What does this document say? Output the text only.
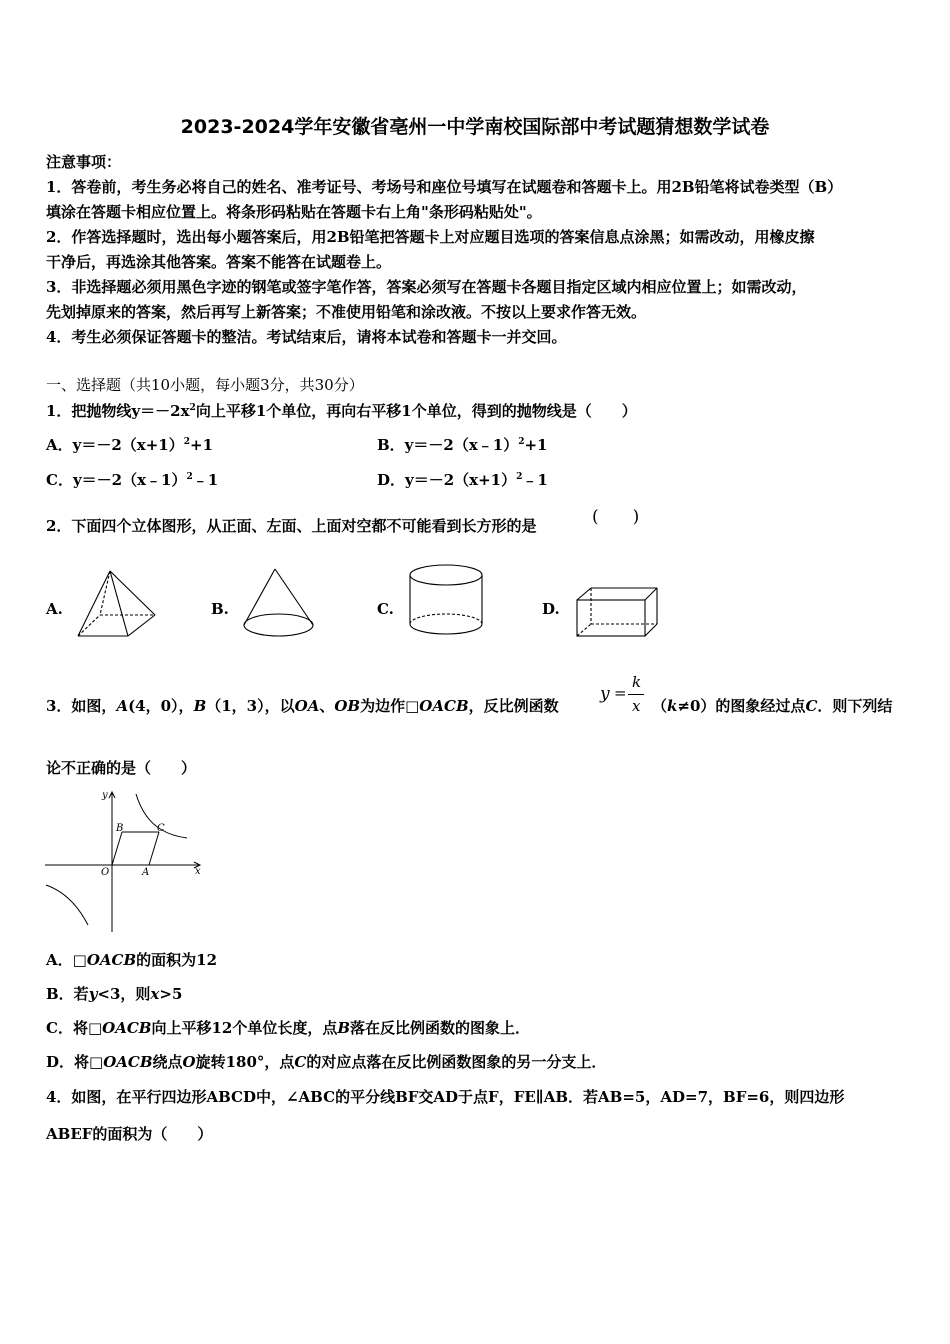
2023-2024学年安徽省亳州一中学南校国际部中考试题猜想数学试卷
注意事项：
1．答卷前，考生务必将自己的姓名、准考证号、考场号和座位号填写在试题卷和答题卡上。用2B铅笔将试卷类型（B）
填涂在答题卡相应位置上。将条形码粘贴在答题卡右上角"条形码粘贴处"。
2．作答选择题时，选出每小题答案后，用2B铅笔把答题卡上对应题目选项的答案信息点涂黑；如需改动，用橡皮擦
干净后，再选涂其他答案。答案不能答在试题卷上。
3．非选择题必须用黑色字迹的钢笔或签字笔作答，答案必须写在答题卡各题目指定区域内相应位置上；如需改动，
先划掉原来的答案，然后再写上新答案；不准使用铅笔和涂改液。不按以上要求作答无效。
4．考生必须保证答题卡的整洁。考试结束后，请将本试卷和答题卡一并交回。
一、选择题（共10小题，每小题3分，共30分）
1．把抛物线$y=-2x^2$向上平移1个单位，再向右平移1个单位，得到的抛物线是（　　）
A．$y=-2(x+1)^2+1$	B．y＝－2（x﹣1）$^2$+1
C．y＝－2（x﹣1）$^2$﹣1	D．$y=-2(x+1)^2﹣1$
2．下面四个立体图形，从正面、左面、上面对空都不可能看到长方形的是	(　　)
A.	B.	C.	D.
3．如图，A(4，0），B（1，3），以OA、OB为边作□OACB，反比例函数
y =
k
x （k≠0）的图象经过点C．则下列结
论不正确的是（　　）
y
x
O	A
B	C
A．□OACB的面积为12
B．若y<3，则x>5
C．将□OACB向上平移12个单位长度，点B落在反比例函数的图象上．
D．将□OACB绕点O旋转180°，点C的对应点落在反比例函数图象的另一分支上．
4．如图，在平行四边形ABCD中，∠ABC的平分线BF交AD于点F，FE∥AB．若AB=5，AD=7，BF=6，则四边形
ABEF的面积为（　　）
